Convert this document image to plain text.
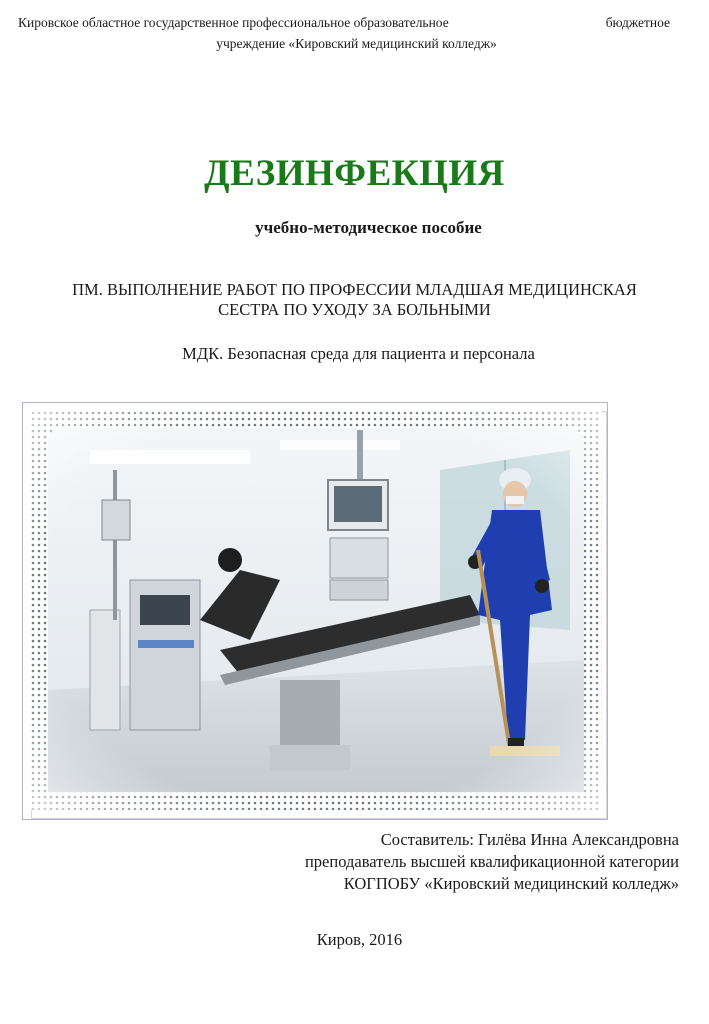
Кировское областное государственное профессиональное образовательное	бюджетное
учреждение «Кировский медицинский колледж»
ДЕЗИНФЕКЦИЯ
учебно-методическое пособие
ПМ. ВЫПОЛНЕНИЕ РАБОТ ПО ПРОФЕССИИ МЛАДШАЯ МЕДИЦИНСКАЯ
СЕСТРА ПО УХОДУ ЗА БОЛЬНЫМИ
МДК. Безопасная среда для пациента и персонала
Составитель: Гилёва Инна Александровна
преподаватель высшей квалификационной категории
КОГПОБУ «Кировский медицинский колледж»
Киров, 2016
